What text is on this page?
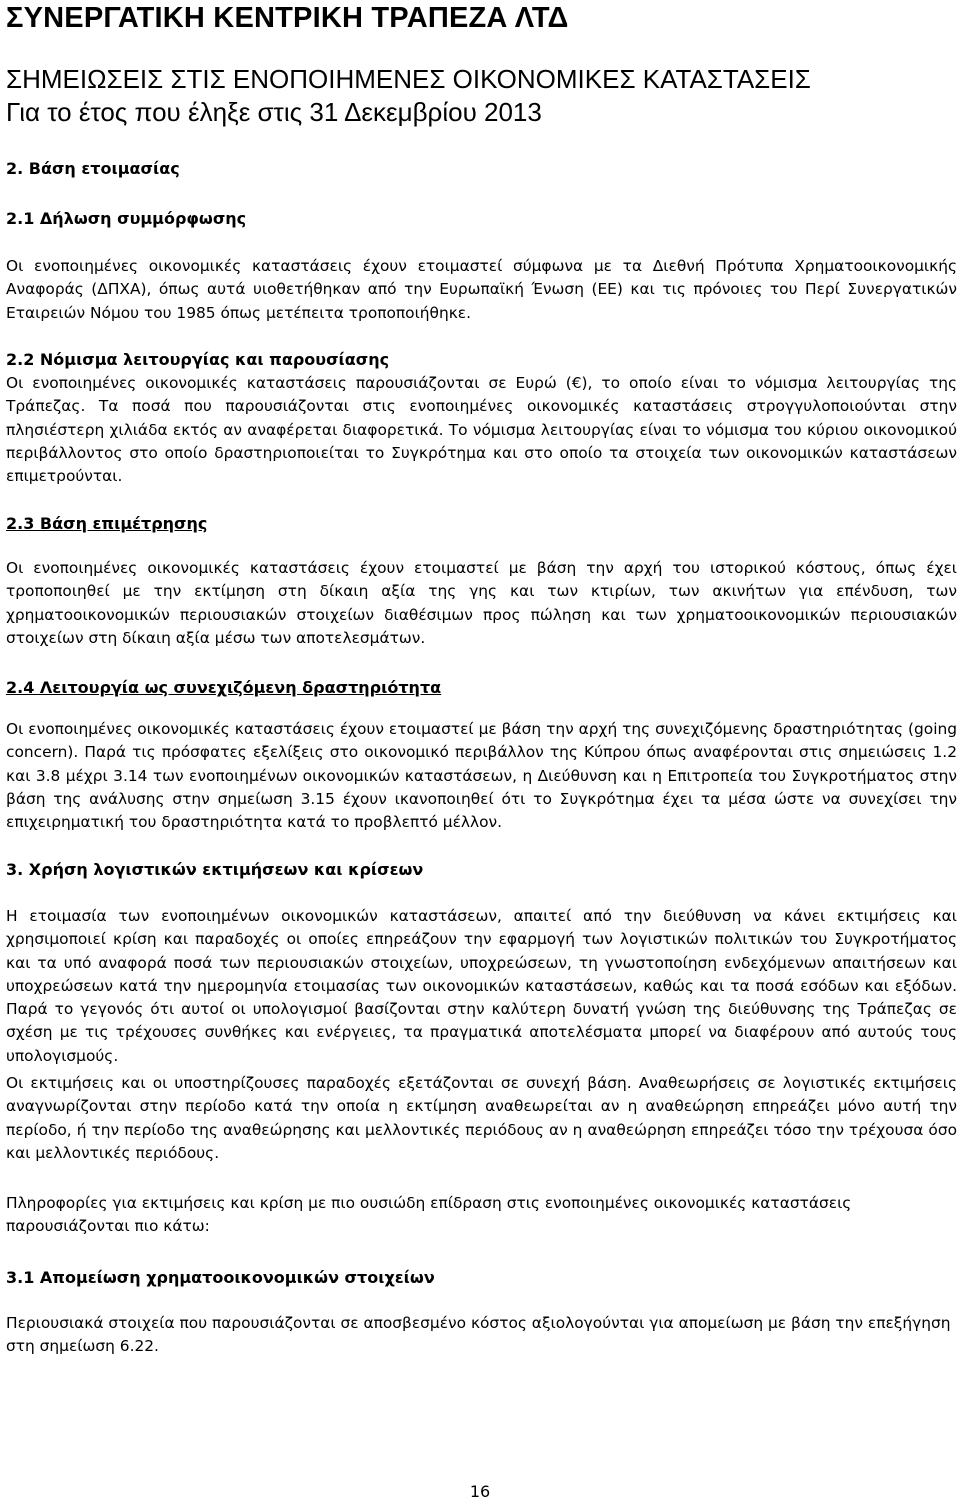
ΣΥΝΕΡΓΑΤΙΚΗ ΚΕΝΤΡΙΚΗ ΤΡΑΠΕΖΑ ΛΤΔ
ΣΗΜΕΙΩΣΕΙΣ ΣΤΙΣ ΕΝΟΠΟΙΗΜΕΝΕΣ ΟΙΚΟΝΟΜΙΚΕΣ ΚΑΤΑΣΤΑΣΕΙΣ
Για το έτος που έληξε στις 31 Δεκεμβρίου 2013
2. Βάση ετοιμασίας
2.1 Δήλωση συμμόρφωσης
Οι ενοποιημένες οικονομικές καταστάσεις έχουν ετοιμαστεί σύμφωνα με τα Διεθνή Πρότυπα Χρηματοοικονομικής Αναφοράς (ΔΠΧΑ), όπως αυτά υιοθετήθηκαν από την Ευρωπαϊκή Ένωση (ΕΕ) και τις πρόνοιες του Περί Συνεργατικών Εταιρειών Νόμου του 1985 όπως μετέπειτα τροποποιήθηκε.
2.2 Νόμισμα λειτουργίας και παρουσίασης
Οι ενοποιημένες οικονομικές καταστάσεις παρουσιάζονται σε Ευρώ (€), το οποίο είναι το νόμισμα λειτουργίας της Τράπεζας. Τα ποσά που παρουσιάζονται στις ενοποιημένες οικονομικές καταστάσεις στρογγυλοποιούνται στην πλησιέστερη χιλιάδα εκτός αν αναφέρεται διαφορετικά. Το νόμισμα λειτουργίας είναι το νόμισμα του κύριου οικονομικού περιβάλλοντος στο οποίο δραστηριοποιείται το Συγκρότημα και στο οποίο τα στοιχεία των οικονομικών καταστάσεων επιμετρούνται.
2.3 Βάση επιμέτρησης
Οι ενοποιημένες οικονομικές καταστάσεις έχουν ετοιμαστεί με βάση την αρχή του ιστορικού κόστους, όπως έχει τροποποιηθεί με την εκτίμηση στη δίκαιη αξία της γης και των κτιρίων, των ακινήτων για επένδυση, των χρηματοοικονομικών περιουσιακών στοιχείων διαθέσιμων προς πώληση και των χρηματοοικονομικών περιουσιακών στοιχείων στη δίκαιη αξία μέσω των αποτελεσμάτων.
2.4 Λειτουργία ως συνεχιζόμενη δραστηριότητα
Οι ενοποιημένες οικονομικές καταστάσεις έχουν ετοιμαστεί με βάση την αρχή της συνεχιζόμενης δραστηριότητας (going concern). Παρά τις πρόσφατες εξελίξεις στο οικονομικό περιβάλλον της Κύπρου όπως αναφέρονται στις σημειώσεις 1.2 και 3.8 μέχρι 3.14 των ενοποιημένων οικονομικών καταστάσεων, η Διεύθυνση και η Επιτροπεία του Συγκροτήματος στην βάση της ανάλυσης στην σημείωση 3.15 έχουν ικανοποιηθεί ότι το Συγκρότημα έχει τα μέσα ώστε να συνεχίσει την επιχειρηματική του δραστηριότητα κατά το προβλεπτό μέλλον.
3. Χρήση λογιστικών εκτιμήσεων και κρίσεων
Η ετοιμασία των ενοποιημένων οικονομικών καταστάσεων, απαιτεί από την διεύθυνση να κάνει εκτιμήσεις και χρησιμοποιεί κρίση και παραδοχές οι οποίες επηρεάζουν την εφαρμογή των λογιστικών πολιτικών του Συγκροτήματος και τα υπό αναφορά ποσά των περιουσιακών στοιχείων, υποχρεώσεων, τη γνωστοποίηση ενδεχόμενων απαιτήσεων και υποχρεώσεων κατά την ημερομηνία ετοιμασίας των οικονομικών καταστάσεων, καθώς και τα ποσά εσόδων και εξόδων. Παρά το γεγονός ότι αυτοί οι υπολογισμοί βασίζονται στην καλύτερη δυνατή γνώση της διεύθυνσης της Τράπεζας σε σχέση με τις τρέχουσες συνθήκες και ενέργειες, τα πραγματικά αποτελέσματα μπορεί να διαφέρουν από αυτούς τους υπολογισμούς.
Οι εκτιμήσεις και οι υποστηρίζουσες παραδοχές εξετάζονται σε συνεχή βάση. Αναθεωρήσεις σε λογιστικές εκτιμήσεις αναγνωρίζονται στην περίοδο κατά την οποία η εκτίμηση αναθεωρείται αν η αναθεώρηση επηρεάζει μόνο αυτή την περίοδο, ή την περίοδο της αναθεώρησης και μελλοντικές περιόδους αν η αναθεώρηση επηρεάζει τόσο την τρέχουσα όσο και μελλοντικές περιόδους.
Πληροφορίες για εκτιμήσεις και κρίση με πιο ουσιώδη επίδραση στις ενοποιημένες οικονομικές καταστάσεις παρουσιάζονται πιο κάτω:
3.1 Απομείωση χρηματοοικονομικών στοιχείων
Περιουσιακά στοιχεία που παρουσιάζονται σε αποσβεσμένο κόστος αξιολογούνται για απομείωση με βάση την επεξήγηση στη σημείωση 6.22.
16
